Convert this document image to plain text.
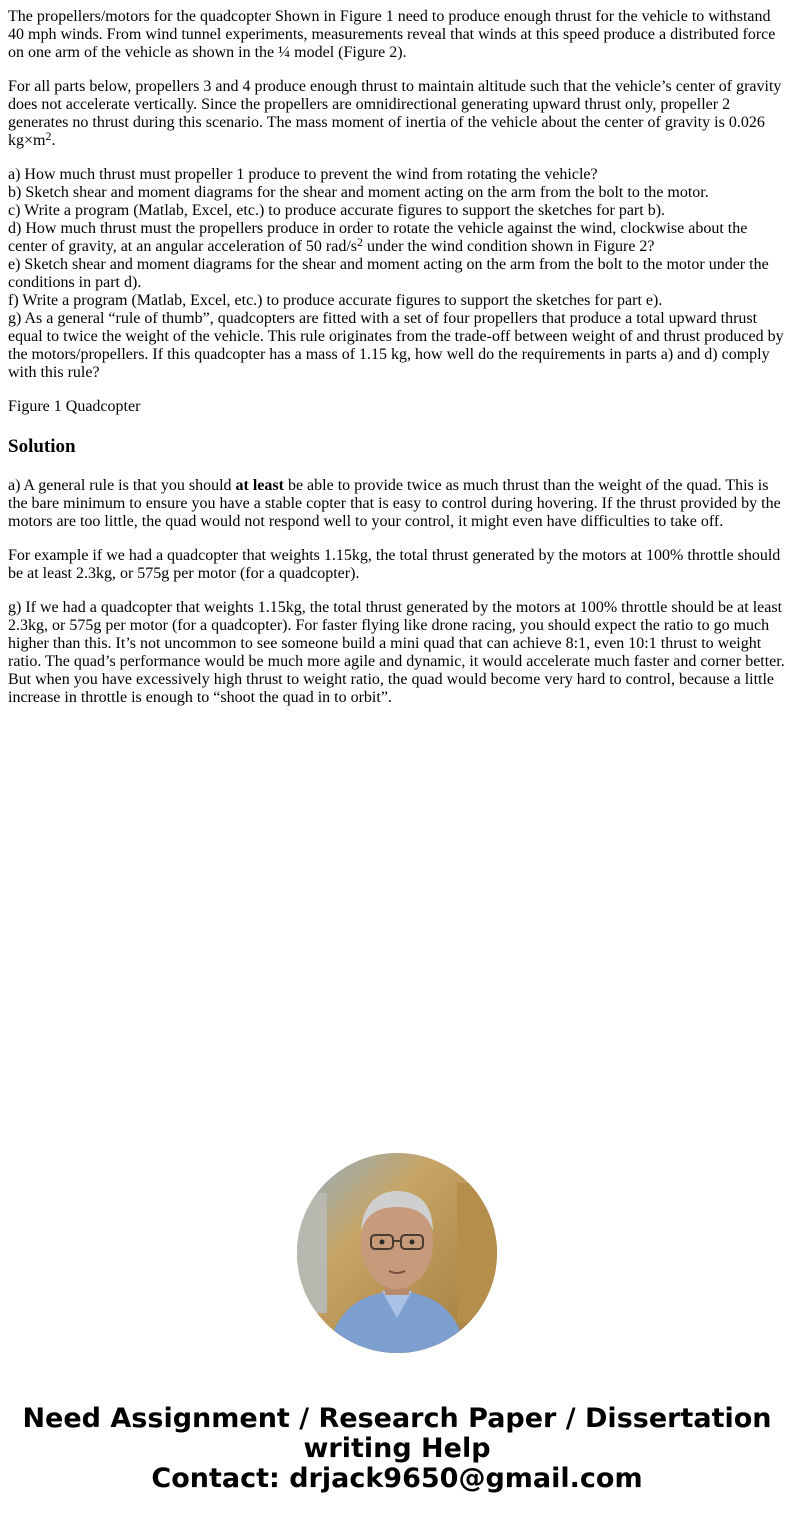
The propellers/motors for the quadcopter Shown in Figure 1 need to produce enough thrust for the vehicle to withstand 40 mph winds. From wind tunnel experiments, measurements reveal that winds at this speed produce a distributed force on one arm of the vehicle as shown in the ¼ model (Figure 2).

For all parts below, propellers 3 and 4 produce enough thrust to maintain altitude such that the vehicle’s center of gravity does not accelerate vertically. Since the propellers are omnidirectional generating upward thrust only, propeller 2 generates no thrust during this scenario. The mass moment of inertia of the vehicle about the center of gravity is 0.026 $kg\times m^2$.

a) How much thrust must propeller 1 produce to prevent the wind from rotating the vehicle?
b) Sketch shear and moment diagrams for the shear and moment acting on the arm from the bolt to the motor.
c) Write a program (Matlab, Excel, etc.) to produce accurate figures to support the sketches for part b).
d) How much thrust must the propellers produce in order to rotate the vehicle against the wind, clockwise about the center of gravity, at an angular acceleration of 50 rad/$s^2$ under the wind condition shown in Figure 2?
e) Sketch shear and moment diagrams for the shear and moment acting on the arm from the bolt to the motor under the conditions in part d).
f) Write a program (Matlab, Excel, etc.) to produce accurate figures to support the sketches for part e).
g) As a general “rule of thumb”, quadcopters are fitted with a set of four propellers that produce a total upward thrust equal to twice the weight of the vehicle. This rule originates from the trade-off between weight of and thrust produced by the motors/propellers. If this quadcopter has a mass of 1.15 kg, how well do the requirements in parts a) and d) comply with this rule?

Figure 1 Quadcopter

Solution

a) A general rule is that you should at least be able to provide twice as much thrust than the weight of the quad. This is the bare minimum to ensure you have a stable copter that is easy to control during hovering. If the thrust provided by the motors are too little, the quad would not respond well to your control, it might even have difficulties to take off.

For example if we had a quadcopter that weights 1.15kg, the total thrust generated by the motors at 100% throttle should be at least 2.3kg, or 575g per motor (for a quadcopter).

g) If we had a quadcopter that weights 1.15kg, the total thrust generated by the motors at 100% throttle should be at least 2.3kg, or 575g per motor (for a quadcopter). For faster flying like drone racing, you should expect the ratio to go much higher than this. It’s not uncommon to see someone build a mini quad that can achieve 8:1, even 10:1 thrust to weight ratio. The quad’s performance would be much more agile and dynamic, it would accelerate much faster and corner better. But when you have excessively high thrust to weight ratio, the quad would become very hard to control, because a little increase in throttle is enough to “shoot the quad in to orbit”.

Need Assignment / Research Paper / Dissertation
writing Help
Contact: drjack9650@gmail.com
